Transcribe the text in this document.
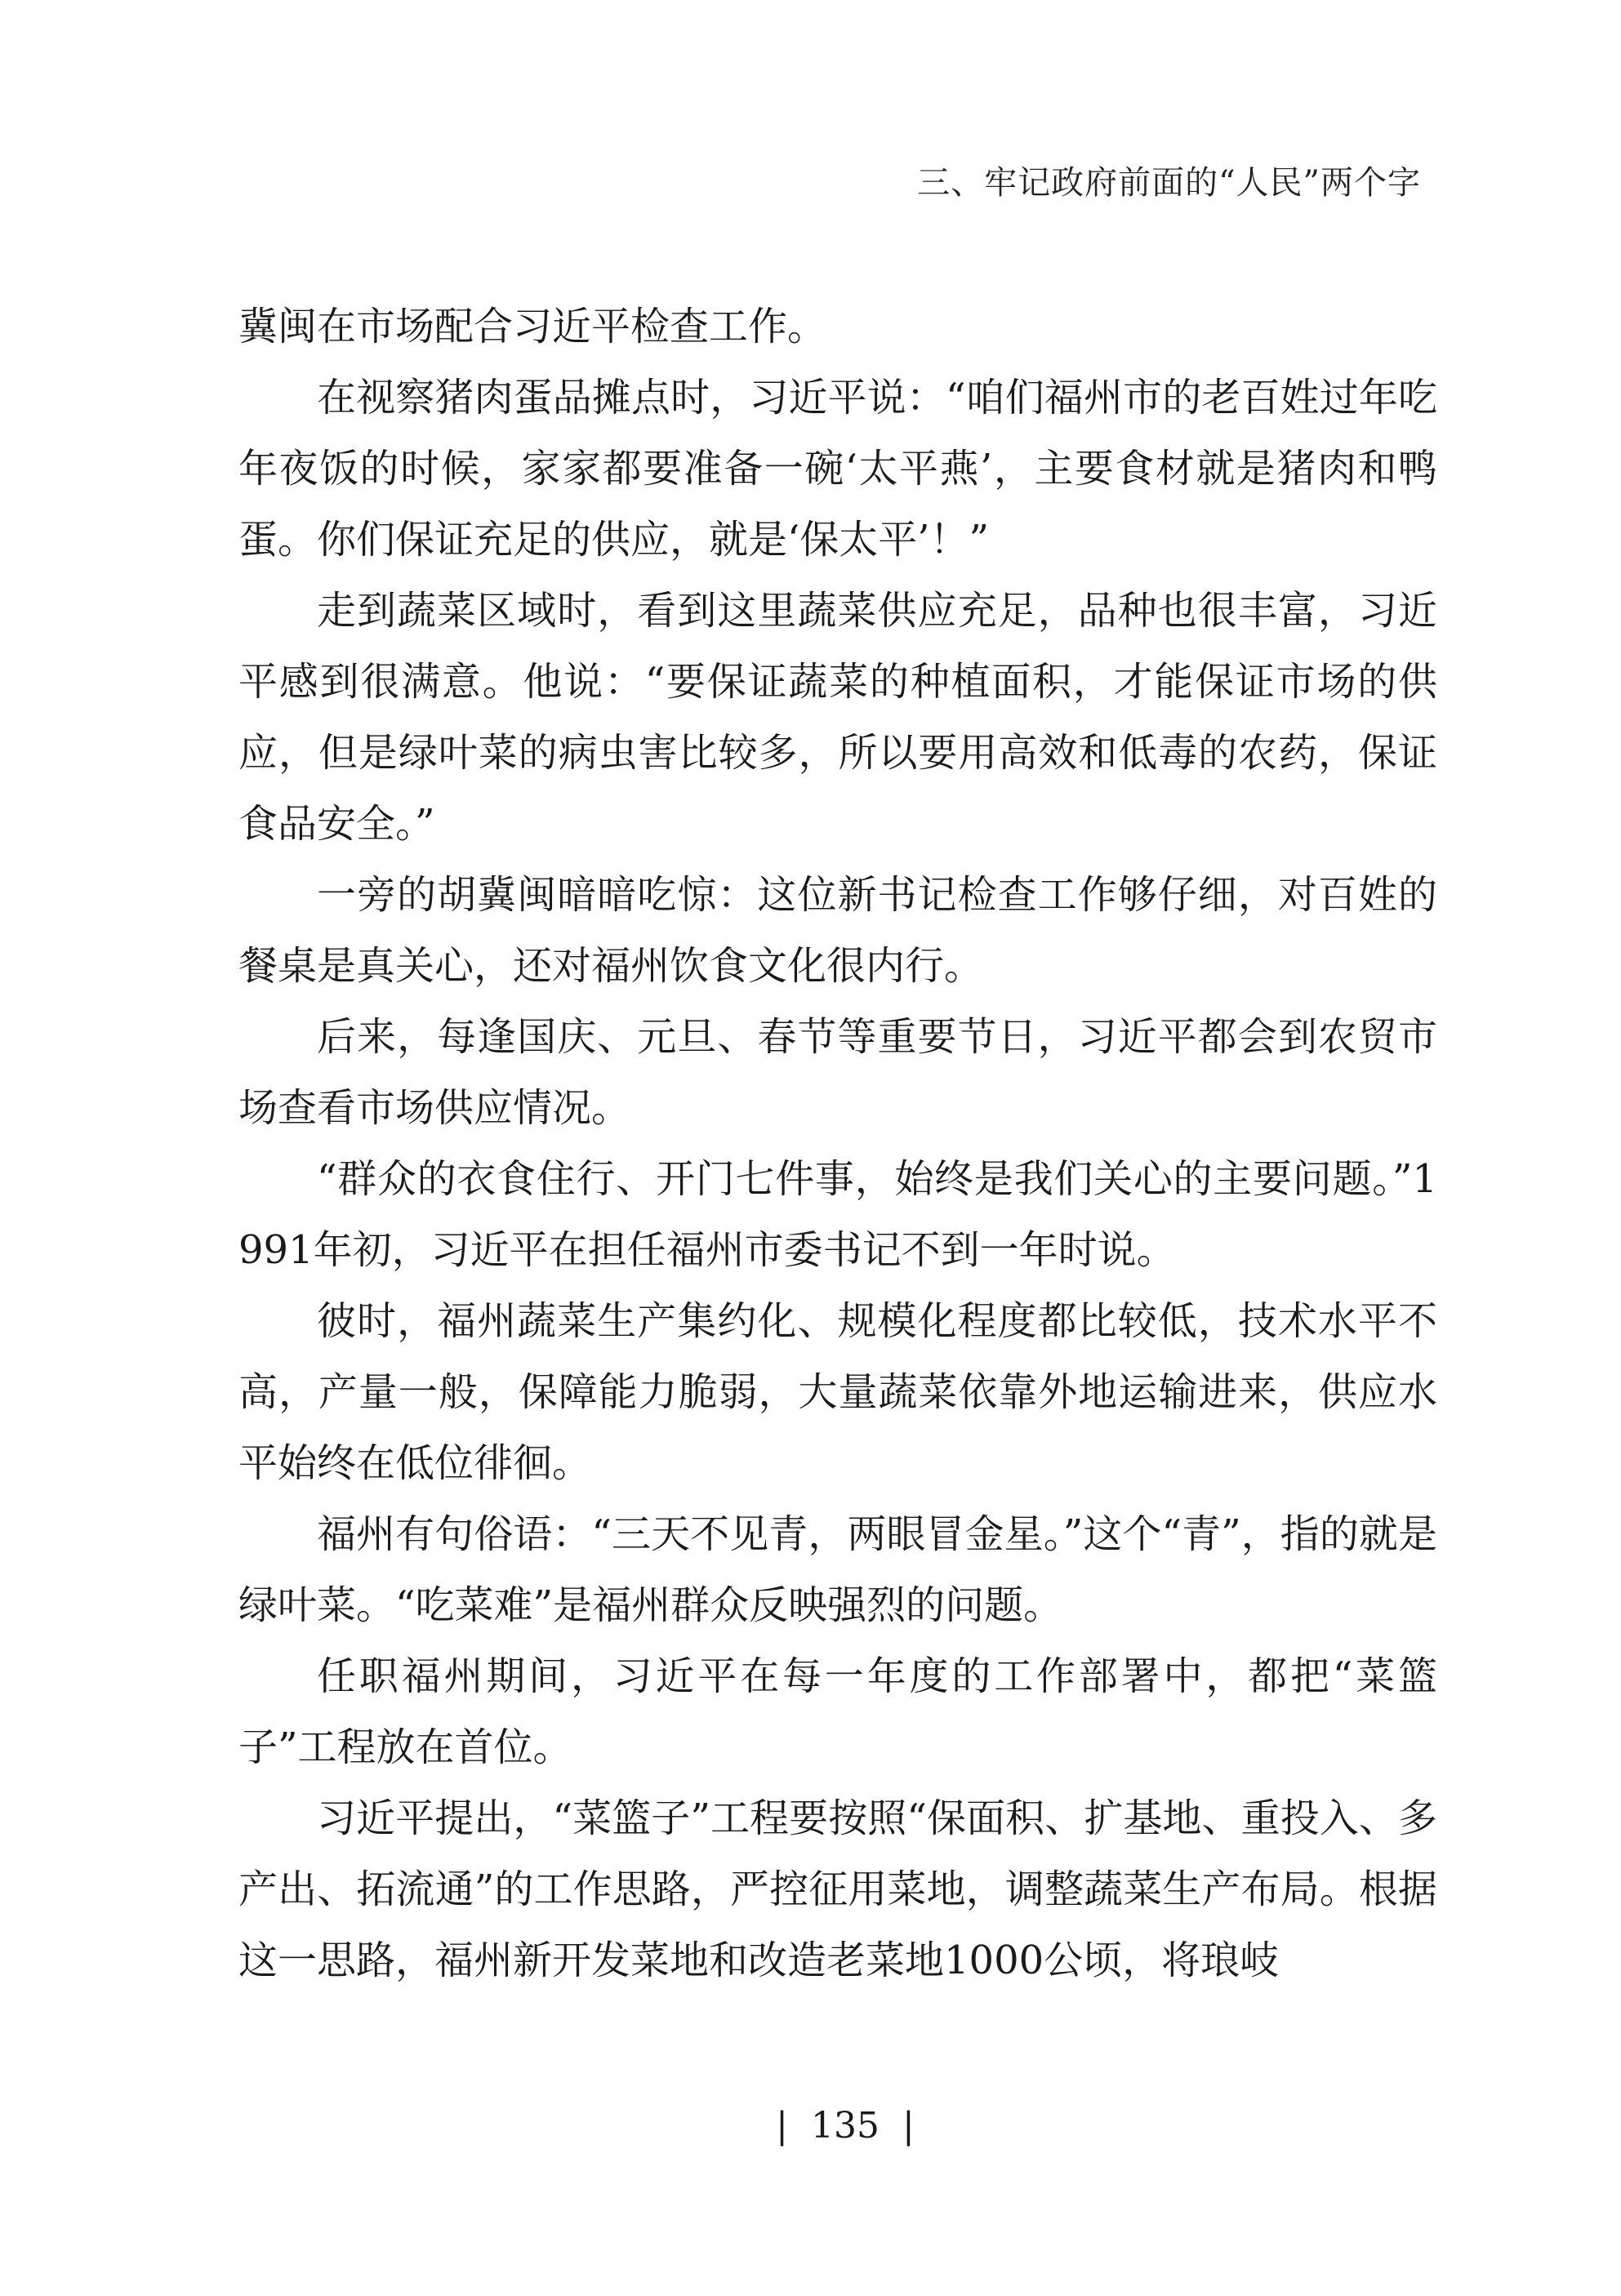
三、牢记政府前面的“人民”两个字

冀闽在市场配合习近平检查工作。

在视察猪肉蛋品摊点时，习近平说：“咱们福州市的老百姓过年吃年夜饭的时候，家家都要准备一碗‘太平燕’，主要食材就是猪肉和鸭蛋。你们保证充足的供应，就是‘保太平’！”

走到蔬菜区域时，看到这里蔬菜供应充足，品种也很丰富，习近平感到很满意。他说：“要保证蔬菜的种植面积，才能保证市场的供应，但是绿叶菜的病虫害比较多，所以要用高效和低毒的农药，保证食品安全。”

一旁的胡冀闽暗暗吃惊：这位新书记检查工作够仔细，对百姓的餐桌是真关心，还对福州饮食文化很内行。

后来，每逢国庆、元旦、春节等重要节日，习近平都会到农贸市场查看市场供应情况。

“群众的衣食住行、开门七件事，始终是我们关心的主要问题。”1991年初，习近平在担任福州市委书记不到一年时说。

彼时，福州蔬菜生产集约化、规模化程度都比较低，技术水平不高，产量一般，保障能力脆弱，大量蔬菜依靠外地运输进来，供应水平始终在低位徘徊。

福州有句俗语：“三天不见青，两眼冒金星。”这个“青”，指的就是绿叶菜。“吃菜难”是福州群众反映强烈的问题。

任职福州期间，习近平在每一年度的工作部署中，都把“菜篮子”工程放在首位。

习近平提出，“菜篮子”工程要按照“保面积、扩基地、重投入、多产出、拓流通”的工作思路，严控征用菜地，调整蔬菜生产布局。根据这一思路，福州新开发菜地和改造老菜地1000公顷，将琅岐

| 135 |
